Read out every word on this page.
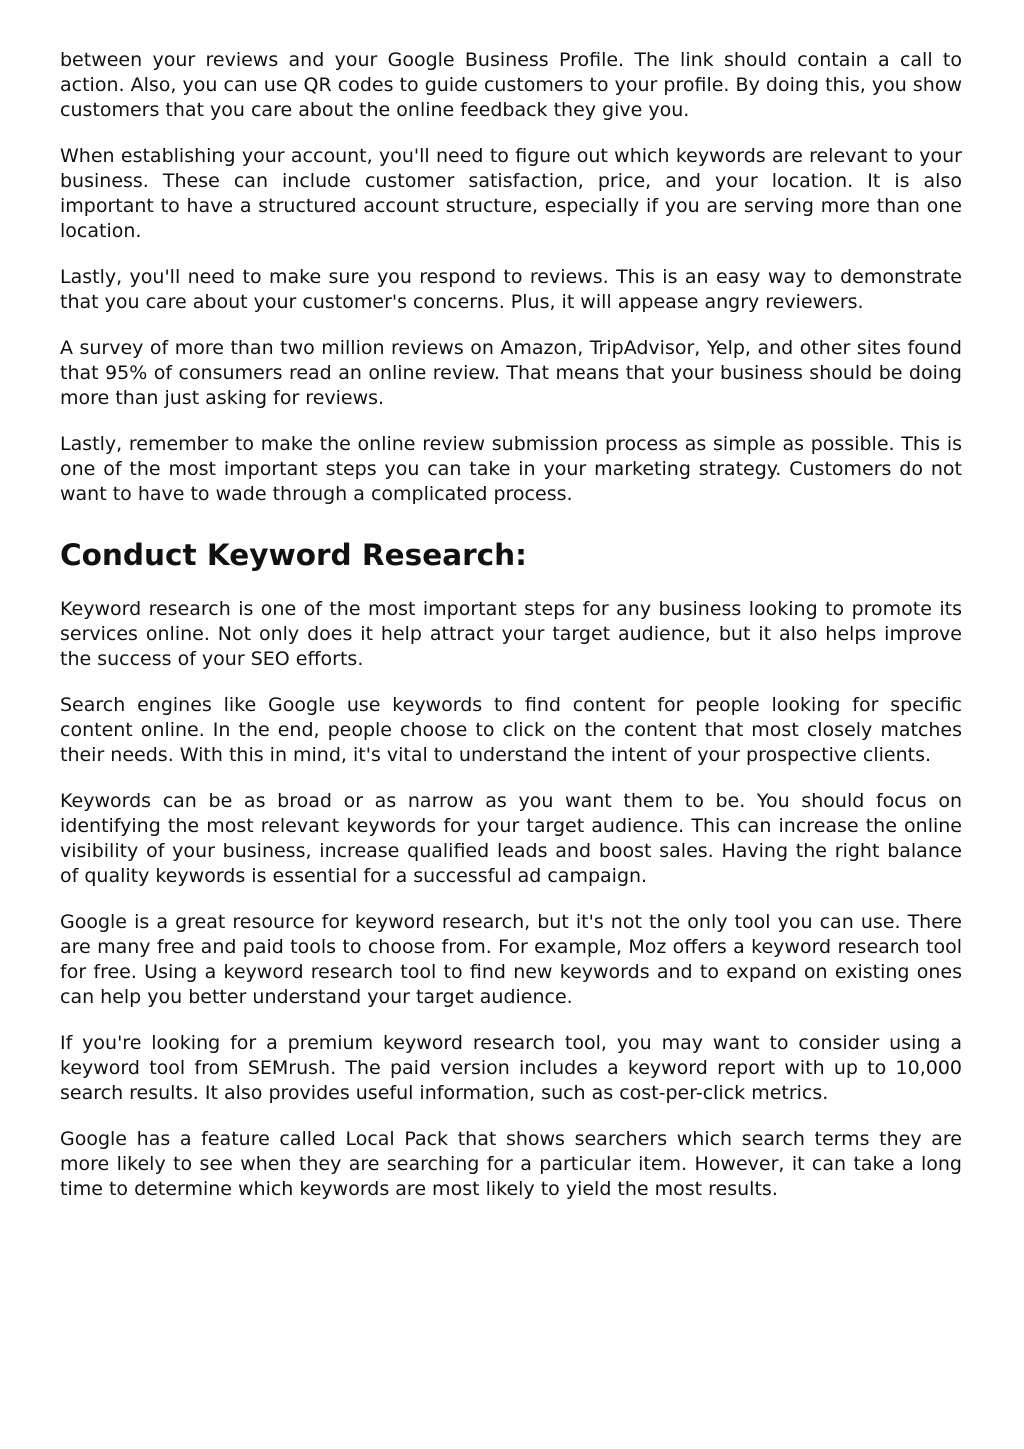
between your reviews and your Google Business Profile. The link should contain a call to action. Also, you can use QR codes to guide customers to your profile. By doing this, you show customers that you care about the online feedback they give you.

When establishing your account, you'll need to figure out which keywords are relevant to your business. These can include customer satisfaction, price, and your location. It is also important to have a structured account structure, especially if you are serving more than one location.

Lastly, you'll need to make sure you respond to reviews. This is an easy way to demonstrate that you care about your customer's concerns. Plus, it will appease angry reviewers.

A survey of more than two million reviews on Amazon, TripAdvisor, Yelp, and other sites found that 95% of consumers read an online review. That means that your business should be doing more than just asking for reviews.

Lastly, remember to make the online review submission process as simple as possible. This is one of the most important steps you can take in your marketing strategy. Customers do not want to have to wade through a complicated process.

Conduct Keyword Research:

Keyword research is one of the most important steps for any business looking to promote its services online. Not only does it help attract your target audience, but it also helps improve the success of your SEO efforts.

Search engines like Google use keywords to find content for people looking for specific content online. In the end, people choose to click on the content that most closely matches their needs. With this in mind, it's vital to understand the intent of your prospective clients.

Keywords can be as broad or as narrow as you want them to be. You should focus on identifying the most relevant keywords for your target audience. This can increase the online visibility of your business, increase qualified leads and boost sales. Having the right balance of quality keywords is essential for a successful ad campaign.

Google is a great resource for keyword research, but it's not the only tool you can use. There are many free and paid tools to choose from. For example, Moz offers a keyword research tool for free. Using a keyword research tool to find new keywords and to expand on existing ones can help you better understand your target audience.

If you're looking for a premium keyword research tool, you may want to consider using a keyword tool from SEMrush. The paid version includes a keyword report with up to 10,000 search results. It also provides useful information, such as cost-per-click metrics.

Google has a feature called Local Pack that shows searchers which search terms they are more likely to see when they are searching for a particular item. However, it can take a long time to determine which keywords are most likely to yield the most results.
